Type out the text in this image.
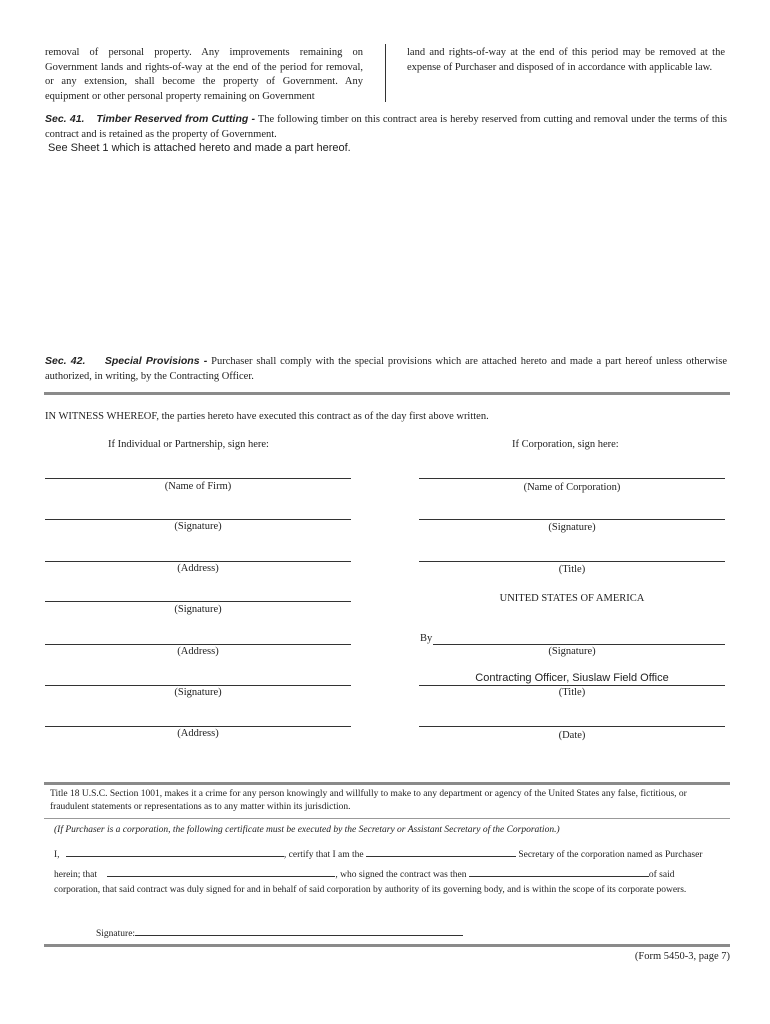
removal of personal property. Any improvements remaining on Government lands and rights-of-way at the end of the period for removal, or any extension, shall become the property of Government. Any equipment or other personal property remaining on Government
land and rights-of-way at the end of this period may be removed at the expense of Purchaser and disposed of in accordance with applicable law.
Sec. 41. Timber Reserved from Cutting - The following timber on this contract area is hereby reserved from cutting and removal under the terms of this contract and is retained as the property of Government.
See Sheet 1 which is attached hereto and made a part hereof.
Sec. 42. Special Provisions - Purchaser shall comply with the special provisions which are attached hereto and made a part hereof unless otherwise authorized, in writing, by the Contracting Officer.
IN WITNESS WHEREOF, the parties hereto have executed this contract as of the day first above written.
If Individual or Partnership, sign here:	If Corporation, sign here:
(Name of Firm)
(Signature)
(Address)
(Signature)
(Address)
(Signature)
(Address)
(Name of Corporation)
(Signature)
(Title)
UNITED STATES OF AMERICA
By
(Signature)
Contracting Officer, Siuslaw Field Office
(Title)
(Date)
Title 18 U.S.C. Section 1001, makes it a crime for any person knowingly and willfully to make to any department or agency of the United States any false, fictitious, or fraudulent statements or representations as to any matter within its jurisdiction.
(If Purchaser is a corporation, the following certificate must be executed by the Secretary or Assistant Secretary of the Corporation.)
I,	, certify that I am the	Secretary of the corporation named as Purchaser
herein; that	, who signed the contract was then	of said
corporation, that said contract was duly signed for and in behalf of said corporation by authority of its governing body, and is within the scope of its corporate powers.
Signature:
(Form 5450-3, page 7)
